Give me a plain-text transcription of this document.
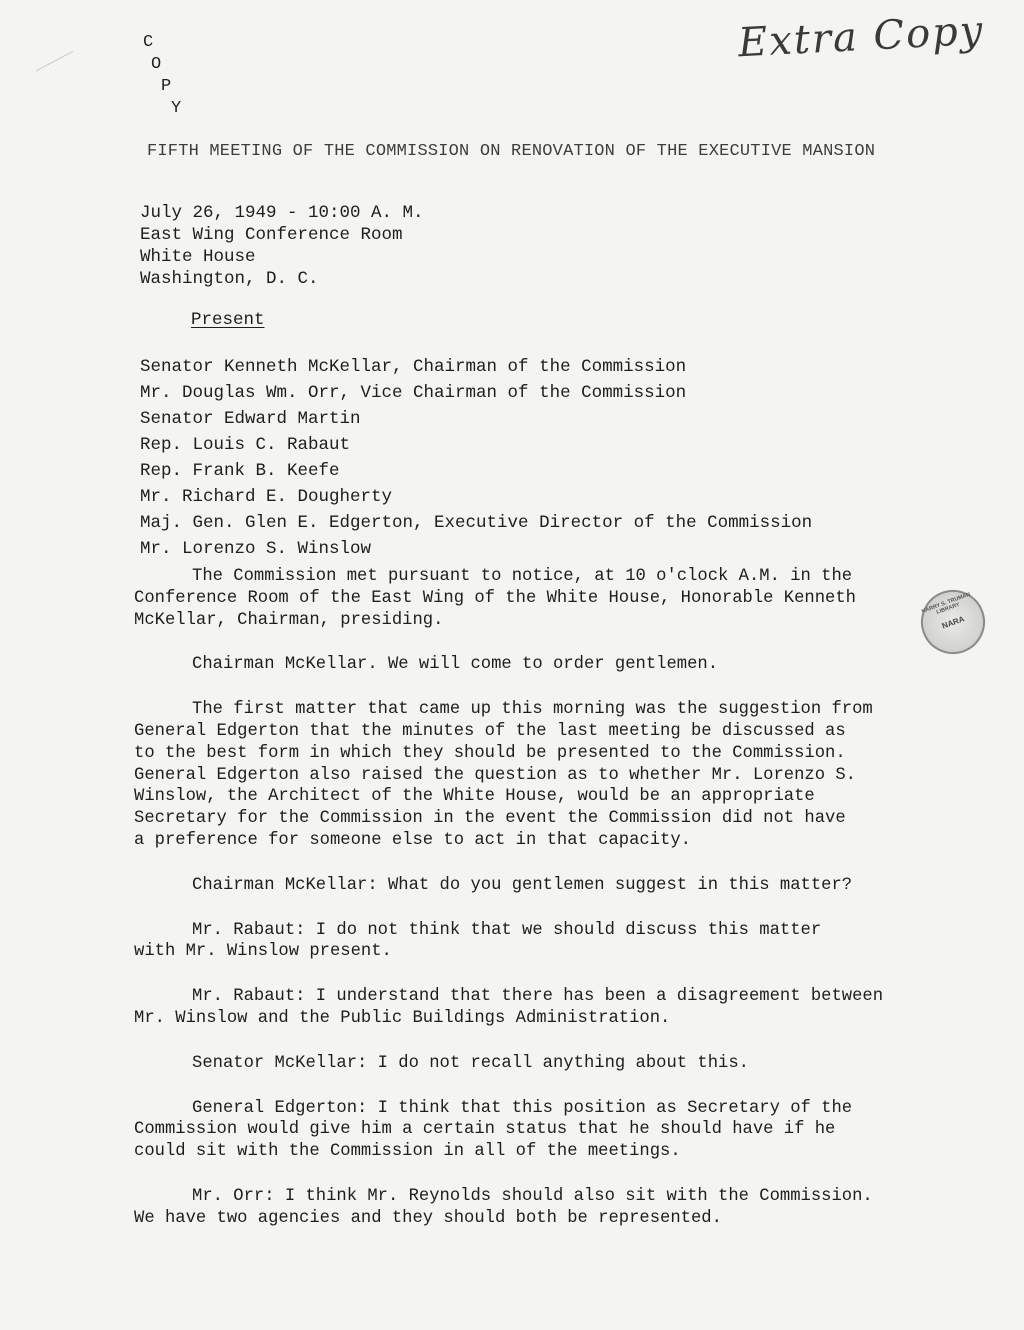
Extra Copy
C
O
P
Y
FIFTH MEETING OF THE COMMISSION ON RENOVATION OF THE EXECUTIVE MANSION
July 26, 1949 - 10:00 A. M.
East Wing Conference Room
White House
Washington, D. C.
Present
Senator Kenneth McKellar, Chairman of the Commission
Mr. Douglas Wm. Orr, Vice Chairman of the Commission
Senator Edward Martin
Rep. Louis C. Rabaut
Rep. Frank B. Keefe
Mr. Richard E. Dougherty
Maj. Gen. Glen E. Edgerton, Executive Director of the Commission
Mr. Lorenzo S. Winslow
The Commission met pursuant to notice, at 10 o'clock A.M. in the
Conference Room of the East Wing of the White House, Honorable Kenneth
McKellar, Chairman, presiding.
Chairman McKellar. We will come to order gentlemen.
The first matter that came up this morning was the suggestion from
General Edgerton that the minutes of the last meeting be discussed as
to the best form in which they should be presented to the Commission.
General Edgerton also raised the question as to whether Mr. Lorenzo S.
Winslow, the Architect of the White House, would be an appropriate
Secretary for the Commission in the event the Commission did not have
a preference for someone else to act in that capacity.
Chairman McKellar: What do you gentlemen suggest in this matter?
Mr. Rabaut: I do not think that we should discuss this matter
with Mr. Winslow present.
Mr. Rabaut: I understand that there has been a disagreement between
Mr. Winslow and the Public Buildings Administration.
Senator McKellar: I do not recall anything about this.
General Edgerton: I think that this position as Secretary of the
Commission would give him a certain status that he should have if he
could sit with the Commission in all of the meetings.
Mr. Orr: I think Mr. Reynolds should also sit with the Commission.
We have two agencies and they should both be represented.
HARRY S. TRUMAN LIBRARY
NARA
